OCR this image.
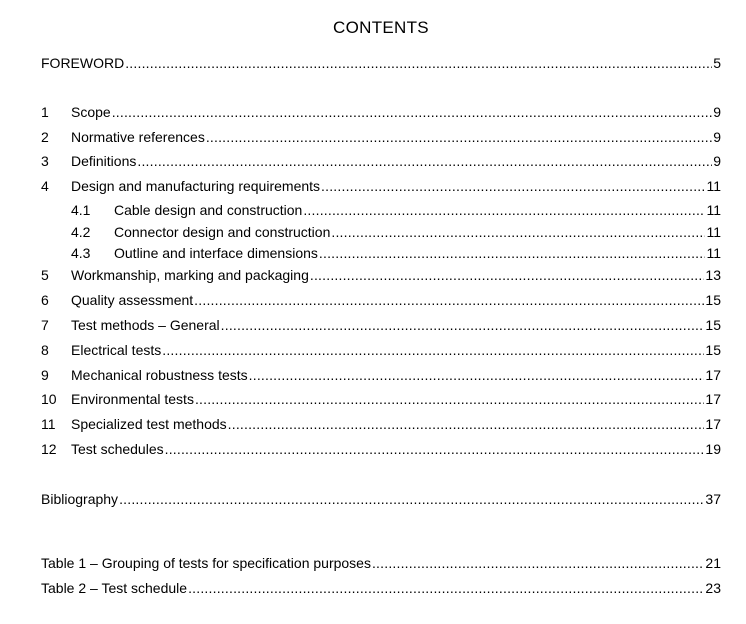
CONTENTS
FOREWORD .....	5
1	Scope .....	9
2	Normative references .....	9
3	Definitions .....	9
4	Design and manufacturing requirements .....	11
4.1	Cable design and construction .....	11
4.2	Connector design and construction .....	11
4.3	Outline and interface dimensions .....	11
5	Workmanship, marking and packaging .....	13
6	Quality assessment .....	15
7	Test methods – General .....	15
8	Electrical tests .....	15
9	Mechanical robustness tests .....	17
10	Environmental tests .....	17
11	Specialized test methods .....	17
12	Test schedules .....	19
Bibliography .....	37
Table 1 – Grouping of tests for specification purposes .....	21
Table 2 – Test schedule .....	23
